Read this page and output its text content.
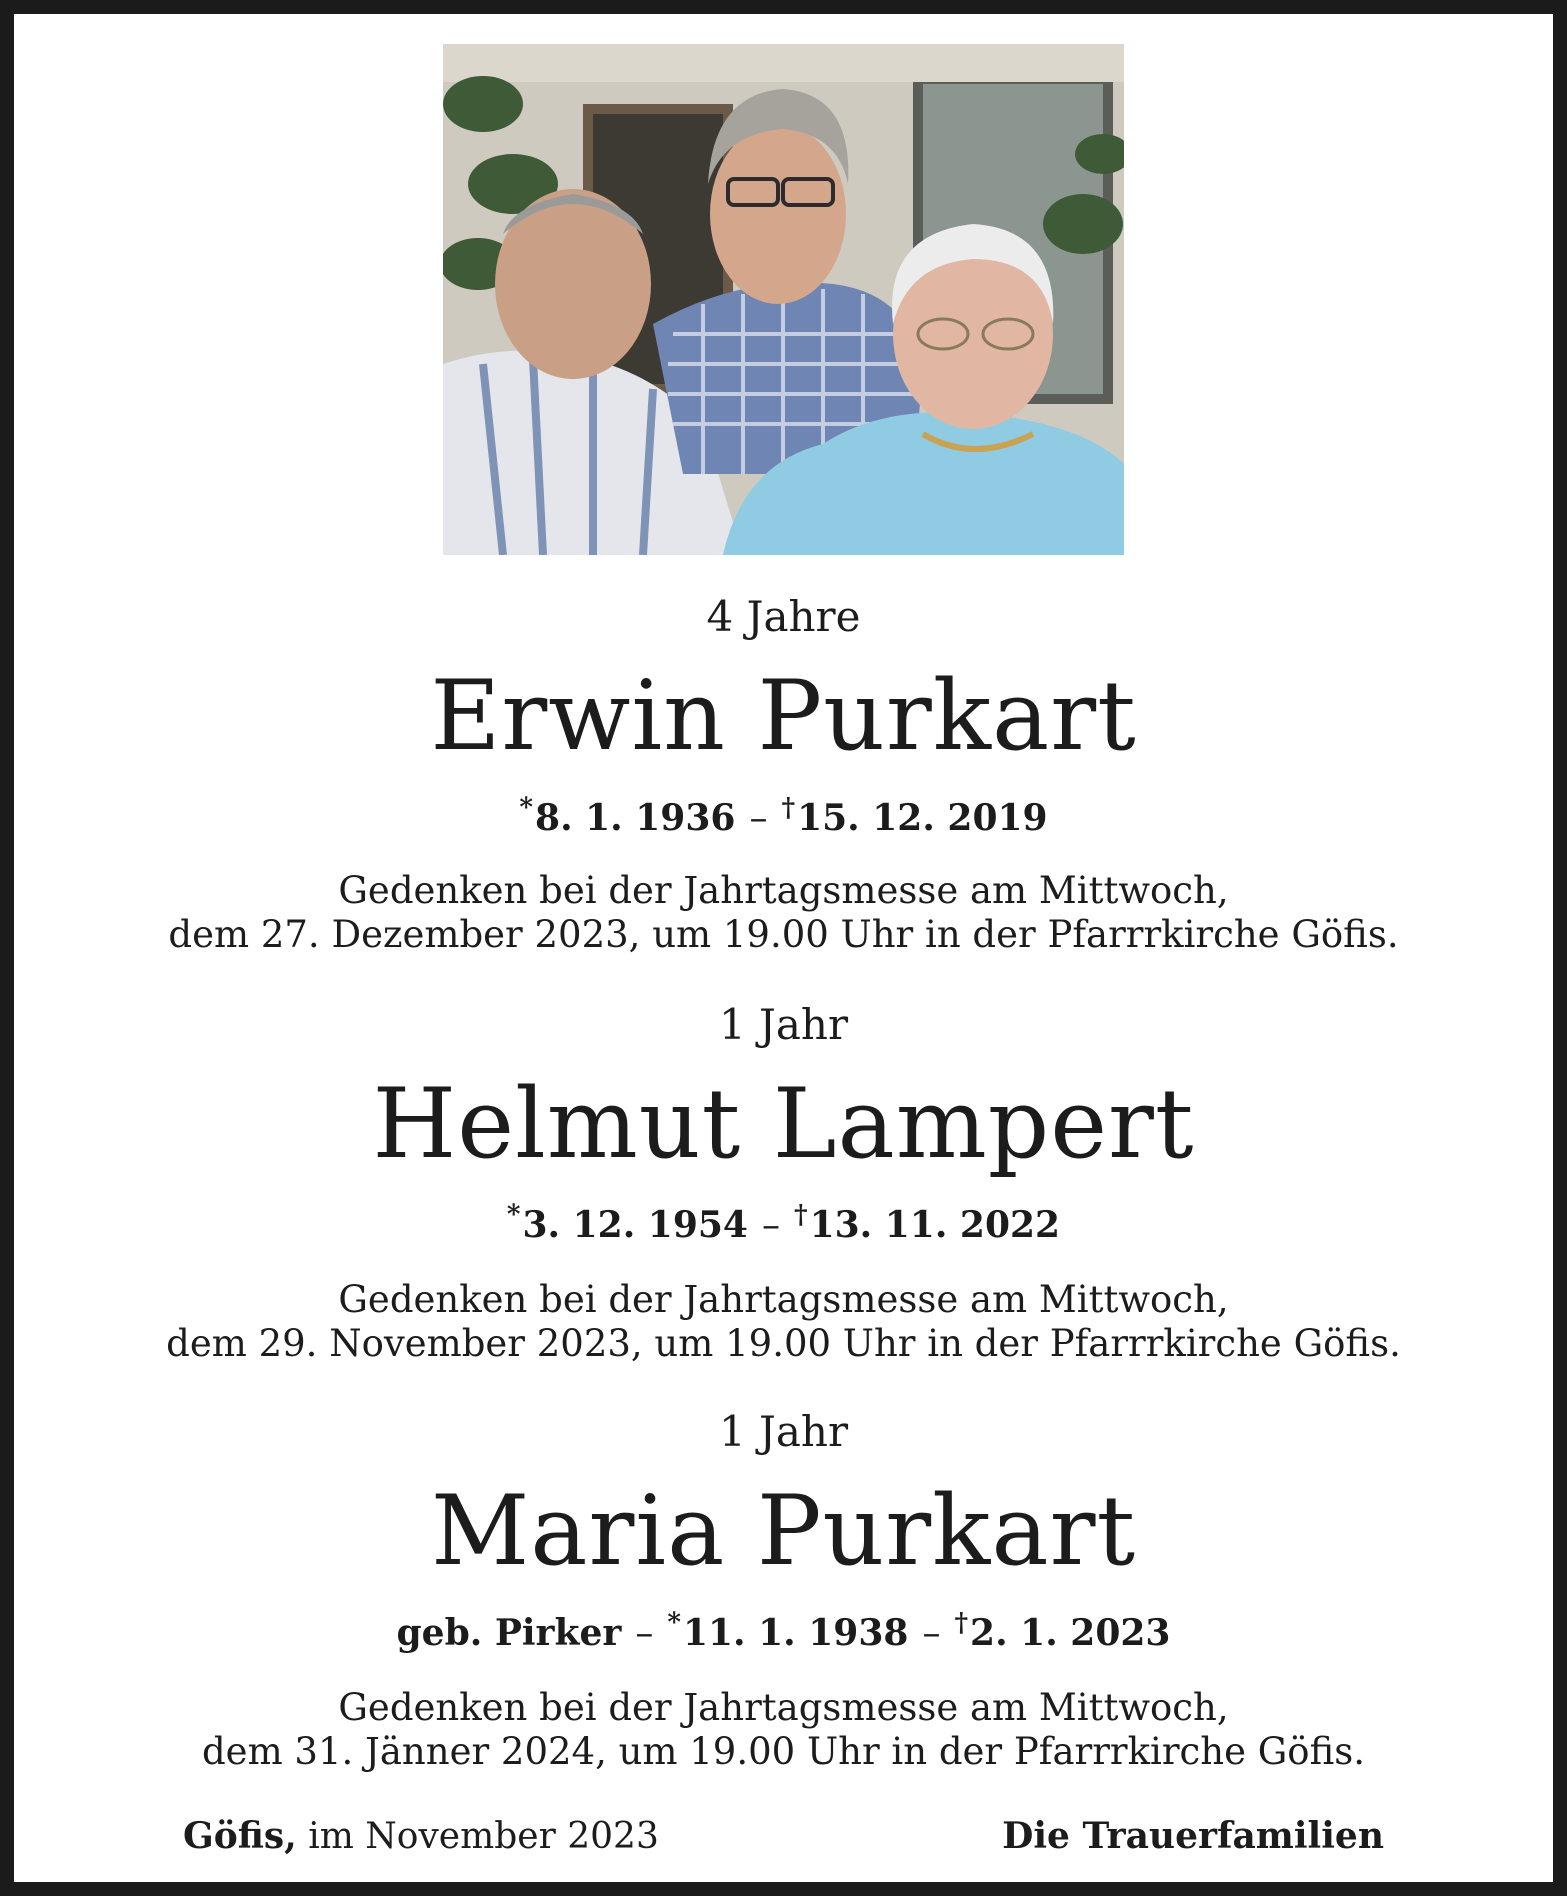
4 Jahre
Erwin Purkart
*8. 1. 1936 – †15. 12. 2019
Gedenken bei der Jahrtagsmesse am Mittwoch,
dem 27. Dezember 2023, um 19.00 Uhr in der Pfarrrkirche Göfis.
1 Jahr
Helmut Lampert
*3. 12. 1954 – †13. 11. 2022
Gedenken bei der Jahrtagsmesse am Mittwoch,
dem 29. November 2023, um 19.00 Uhr in der Pfarrrkirche Göfis.
1 Jahr
Maria Purkart
geb. Pirker – *11. 1. 1938 – †2. 1. 2023
Gedenken bei der Jahrtagsmesse am Mittwoch,
dem 31. Jänner 2024, um 19.00 Uhr in der Pfarrrkirche Göfis.
Göfis, im November 2023	Die Trauerfamilien
